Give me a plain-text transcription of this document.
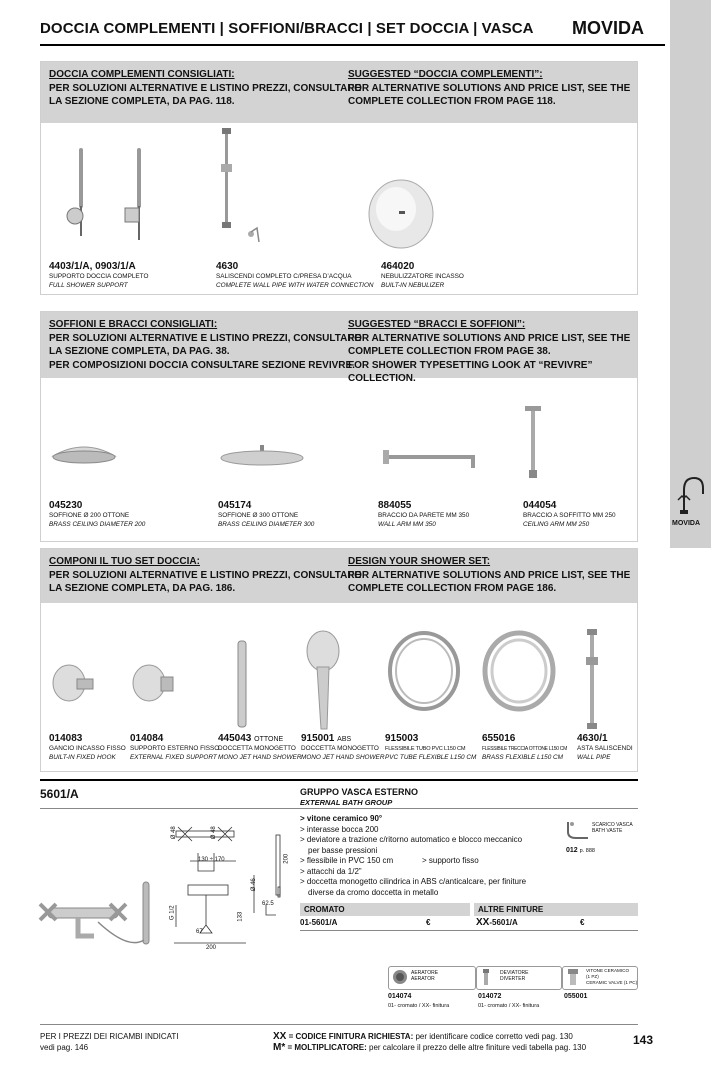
DOCCIA COMPLEMENTI | SOFFIONI/BRACCI | SET DOCCIA | VASCA MOVIDA
MOVIDA
DOCCIA COMPLEMENTI CONSIGLIATI:
PER SOLUZIONI ALTERNATIVE E LISTINO PREZZI, CONSULTARE
LA SEZIONE COMPLETA, DA PAG. 118.
SUGGESTED “DOCCIA COMPLEMENTI”:
FOR ALTERNATIVE SOLUTIONS AND PRICE LIST, SEE THE
COMPLETE COLLECTION FROM PAGE 118.
4403/1/A, 0903/1/A
SUPPORTO DOCCIA COMPLETO
FULL SHOWER SUPPORT
4630
SALISCENDI COMPLETO C/PRESA D’ACQUA
COMPLETE WALL PIPE WITH WATER CONNECTION
464020
NEBULIZZATORE INCASSO
BUILT-IN NEBULIZER
SOFFIONI E BRACCI CONSIGLIATI:
PER SOLUZIONI ALTERNATIVE E LISTINO PREZZI, CONSULTARE
LA SEZIONE COMPLETA, DA PAG. 38.
PER COMPOSIZIONI DOCCIA CONSULTARE SEZIONE REVIVRE.
SUGGESTED “BRACCI E SOFFIONI”:
FOR ALTERNATIVE SOLUTIONS AND PRICE LIST, SEE THE
COMPLETE COLLECTION FROM PAGE 38.
FOR SHOWER TYPESETTING LOOK AT “REVIVRE” COLLECTION.
045230
SOFFIONE Ø 200 OTTONE
BRASS CEILING DIAMETER 200
045174
SOFFIONE Ø 300 OTTONE
BRASS CEILING DIAMETER 300
884055
BRACCIO DA PARETE MM 350
WALL ARM MM 350
044054
BRACCIO A SOFFITTO MM 250
CEILING ARM MM 250
COMPONI IL TUO SET DOCCIA:
PER SOLUZIONI ALTERNATIVE E LISTINO PREZZI, CONSULTARE
LA SEZIONE COMPLETA, DA PAG. 186.
DESIGN YOUR SHOWER SET:
FOR ALTERNATIVE SOLUTIONS AND PRICE LIST, SEE THE
COMPLETE COLLECTION FROM PAGE 186.
014083
GANCIO INCASSO FISSO
BUILT-IN FIXED HOOK
014084
SUPPORTO ESTERNO FISSO
EXTERNAL FIXED SUPPORT
445043 OTTONE
DOCCETTA MONOGETTO
MONO JET HAND SHOWER
915001 ABS
DOCCETTA MONOGETTO
MONO JET HAND SHOWER
915003
FLESSIBILE TUBO PVC L150 CM
PVC TUBE FLEXIBLE L150 CM
655016
FLESSIBILE TRECCIA OTTONE L150 CM
BRASS FLEXIBLE L150 CM
4630/1
ASTA SALISCENDI
WALL PIPE
5601/A	GRUPPO VASCA ESTERNO
EXTERNAL BATH GROUP
Ø 48	Ø 48
130 ÷ 170	200
Ø 46
G 1/2
62.5
67
133
200
> vitone ceramico 90°
> interasse bocca 200
> deviatore a trazione c/ritorno automatico e blocco meccanico
per basse pressioni
> flessibile in PVC 150 cm	> supporto fisso
> attacchi da 1/2”
> doccetta monogetto cilindrica in ABS c/anticalcare, per finiture
diverse da cromo doccetta in metallo
SCARICO VASCA
BATH VASTE
012 p. 888
CROMATO	ALTRE FINITURE
01-5601/A	€	XX-5601/A	€
AERATORE
AERATOR
014074
01- cromato / XX- finitura
DEVIATORE
DIVERTER
014072
01- cromato / XX- finitura
VITONE CERAMICO
(1 PZ)
CERAMIC VALVE (1 PC)
055001
PER I PREZZI DEI RICAMBI INDICATI
vedi pag. 146
XX = CODICE FINITURA RICHIESTA: per identificare codice corretto vedi pag. 130
M* = MOLTIPLICATORE: per calcolare il prezzo delle altre finiture vedi tabella pag. 130
143
